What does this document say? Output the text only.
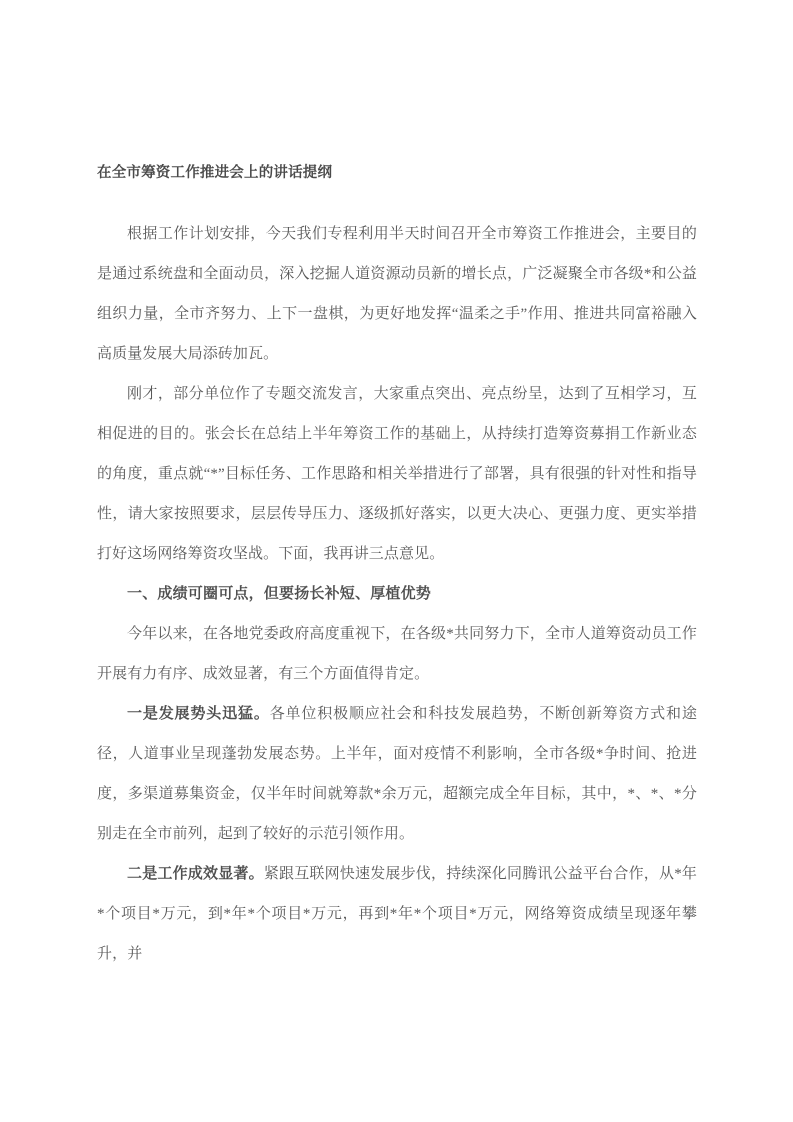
在全市筹资工作推进会上的讲话提纲

根据工作计划安排，今天我们专程利用半天时间召开全市筹资工作推进会，主要目的是通过系统盘和全面动员，深入挖掘人道资源动员新的增长点，广泛凝聚全市各级*和公益组织力量，全市齐努力、上下一盘棋，为更好地发挥“温柔之手”作用、推进共同富裕融入高质量发展大局添砖加瓦。

刚才，部分单位作了专题交流发言，大家重点突出、亮点纷呈，达到了互相学习，互相促进的目的。张会长在总结上半年筹资工作的基础上，从持续打造筹资募捐工作新业态的角度，重点就“*”目标任务、工作思路和相关举措进行了部署，具有很强的针对性和指导性，请大家按照要求，层层传导压力、逐级抓好落实，以更大决心、更强力度、更实举措打好这场网络筹资攻坚战。下面，我再讲三点意见。

一、成绩可圈可点，但要扬长补短、厚植优势

今年以来，在各地党委政府高度重视下，在各级*共同努力下，全市人道筹资动员工作开展有力有序、成效显著，有三个方面值得肯定。

一是发展势头迅猛。各单位积极顺应社会和科技发展趋势，不断创新筹资方式和途径，人道事业呈现蓬勃发展态势。上半年，面对疫情不利影响，全市各级*争时间、抢进度，多渠道募集资金，仅半年时间就筹款*余万元，超额完成全年目标，其中，*、*、*分别走在全市前列，起到了较好的示范引领作用。

二是工作成效显著。紧跟互联网快速发展步伐，持续深化同腾讯公益平台合作，从*年*个项目*万元，到*年*个项目*万元，再到*年*个项目*万元，网络筹资成绩呈现逐年攀升，并
